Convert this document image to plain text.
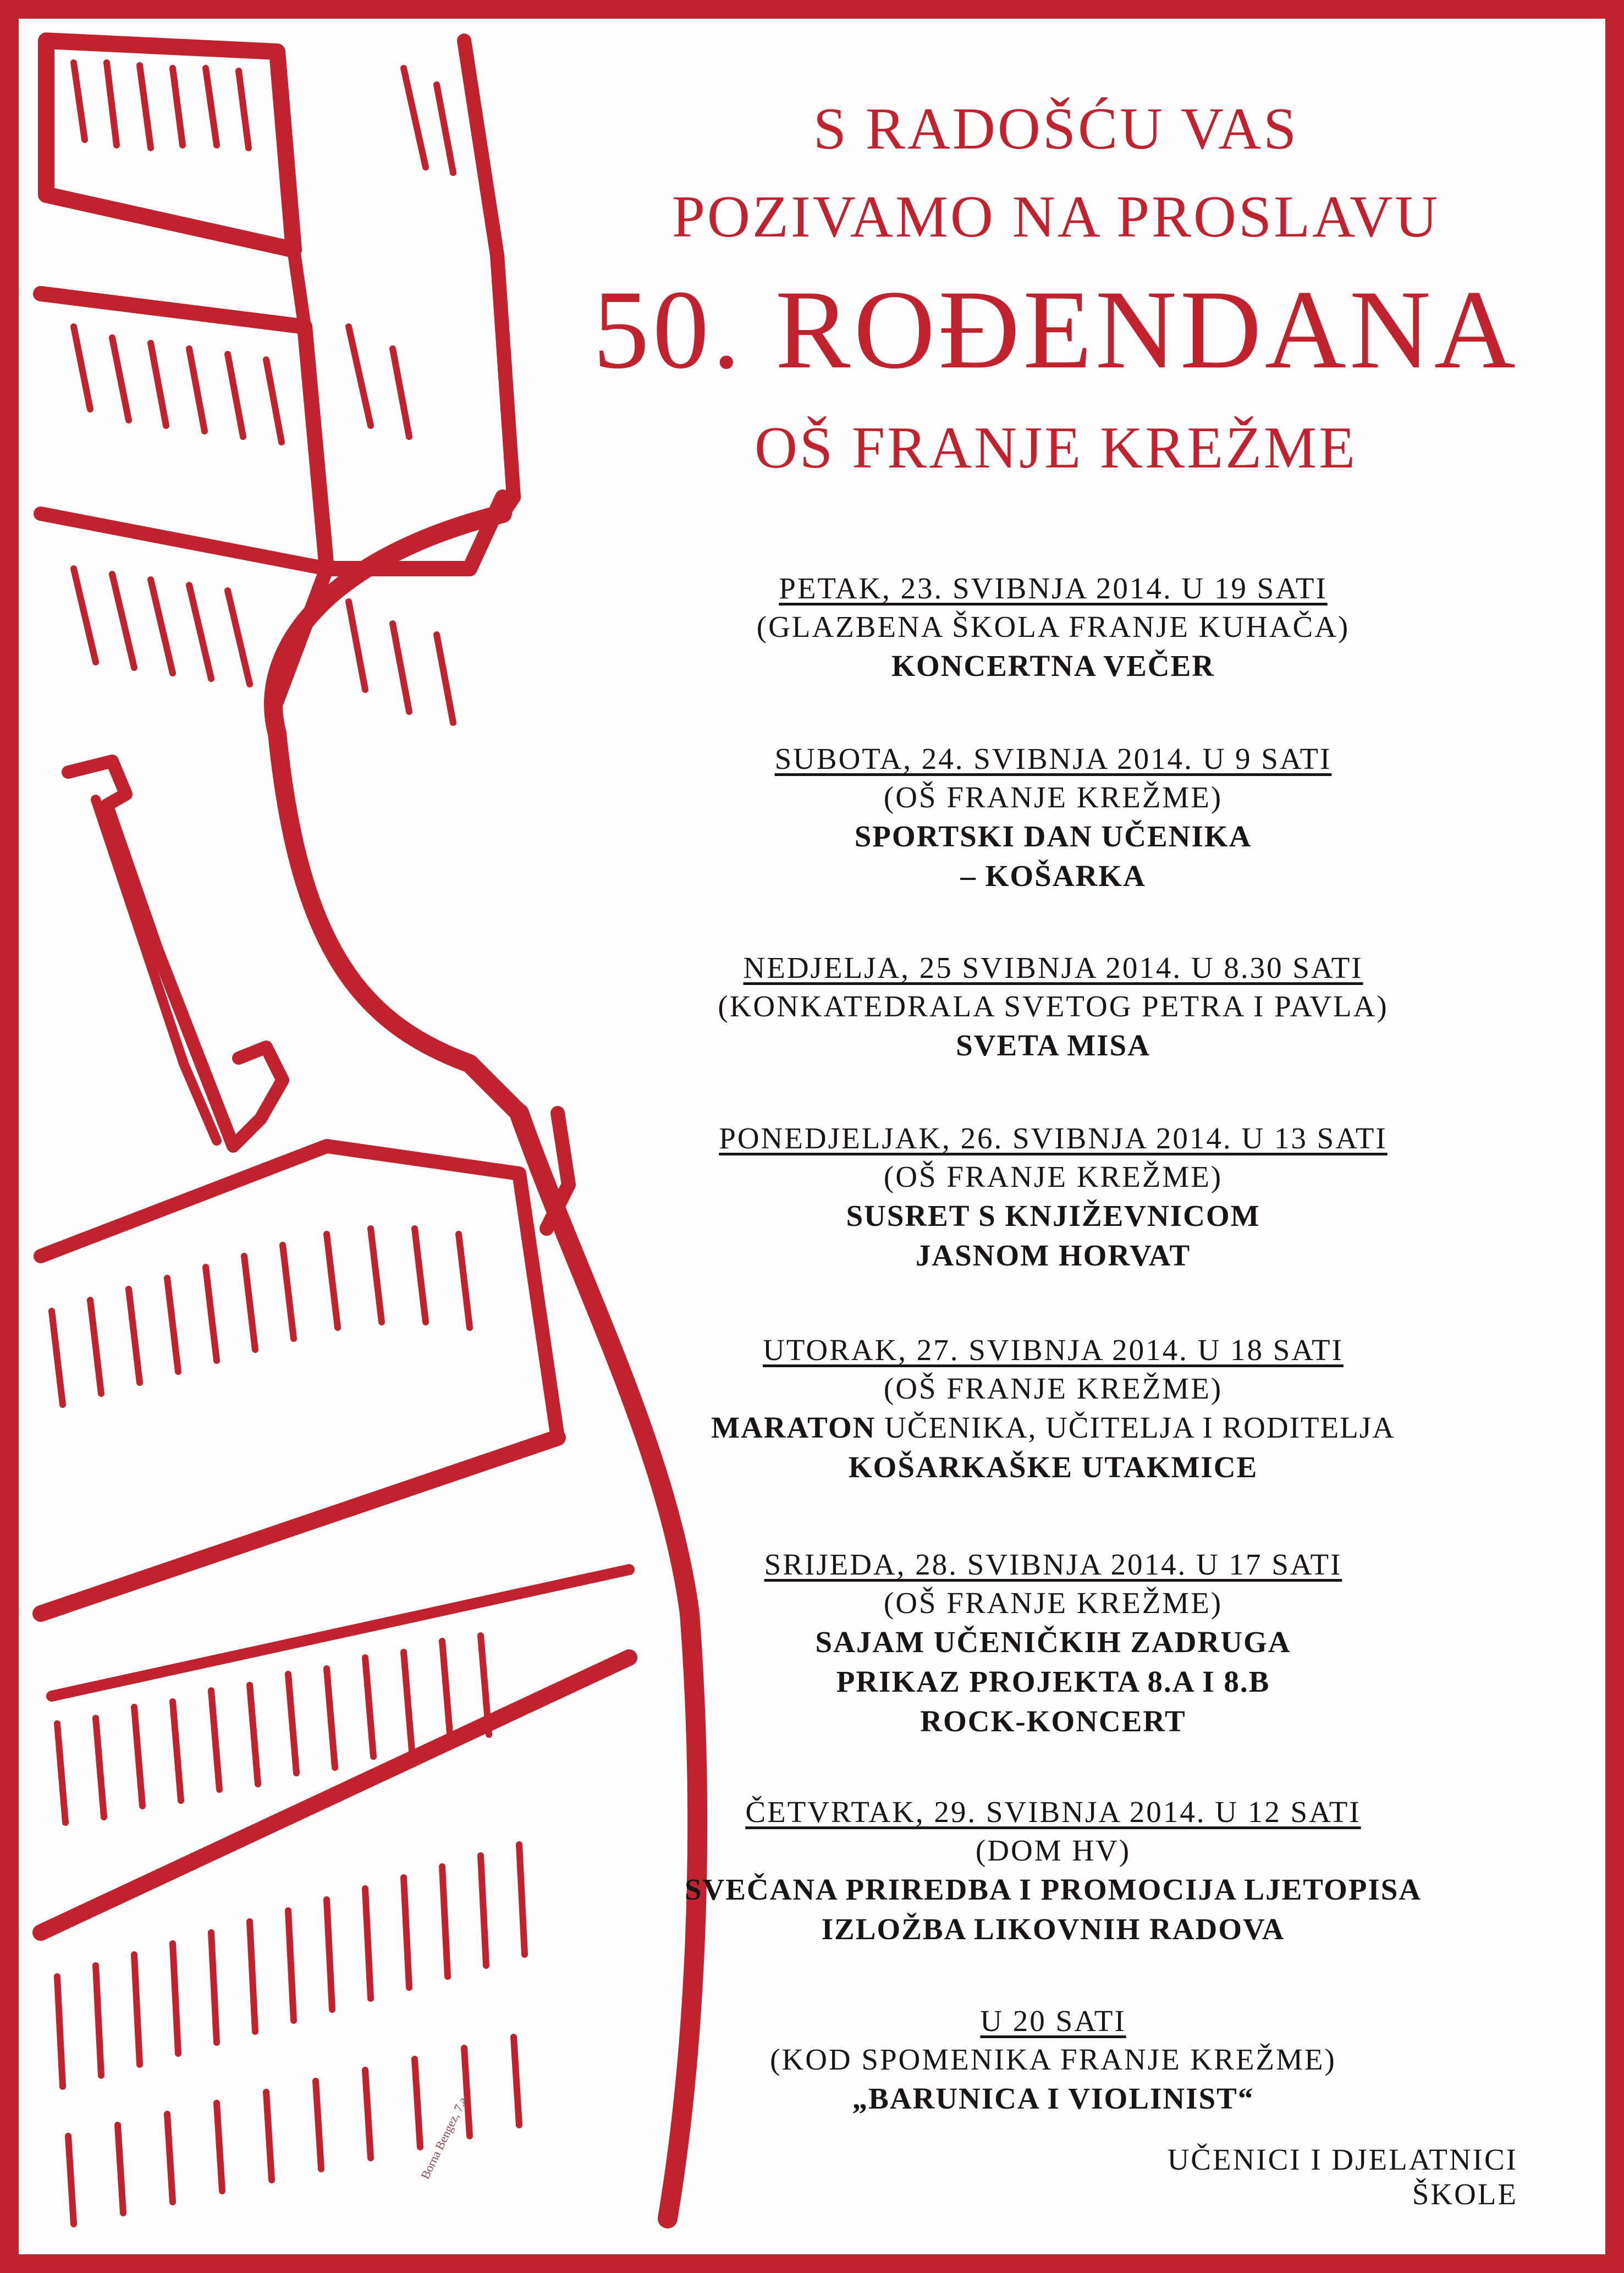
S RADOŠĆU VAS
POZIVAMO NA PROSLAVU
50. ROĐENDANA
OŠ FRANJE KREŽME
PETAK, 23. SVIBNJA 2014. U 19 SATI
(GLAZBENA ŠKOLA FRANJE KUHAČA)
KONCERTNA VEČER
SUBOTA, 24. SVIBNJA 2014. U 9 SATI
(OŠ FRANJE KREŽME)
SPORTSKI DAN UČENIKA
– KOŠARKA
NEDJELJA, 25 SVIBNJA 2014. U 8.30 SATI
(KONKATEDRALA SVETOG PETRA I PAVLA)
SVETA MISA
PONEDJELJAK, 26. SVIBNJA 2014. U 13 SATI
(OŠ FRANJE KREŽME)
SUSRET S KNJIŽEVNICOM
JASNOM HORVAT
UTORAK, 27. SVIBNJA 2014. U 18 SATI
(OŠ FRANJE KREŽME)
MARATON UČENIKA, UČITELJA I RODITELJA
KOŠARKAŠKE UTAKMICE
SRIJEDA, 28. SVIBNJA 2014. U 17 SATI
(OŠ FRANJE KREŽME)
SAJAM UČENIČKIH ZADRUGA
PRIKAZ PROJEKTA 8.A I 8.B
ROCK-KONCERT
ČETVRTAK, 29. SVIBNJA 2014. U 12 SATI
(DOM HV)
SVEČANA PRIREDBA I PROMOCIJA LJETOPISA
IZLOŽBA LIKOVNIH RADOVA
U 20 SATI
(KOD SPOMENIKA FRANJE KREŽME)
„BARUNICA I VIOLINIST“
UČENICI I DJELATNICI ŠKOLE
Borna Bengez, 7.a
